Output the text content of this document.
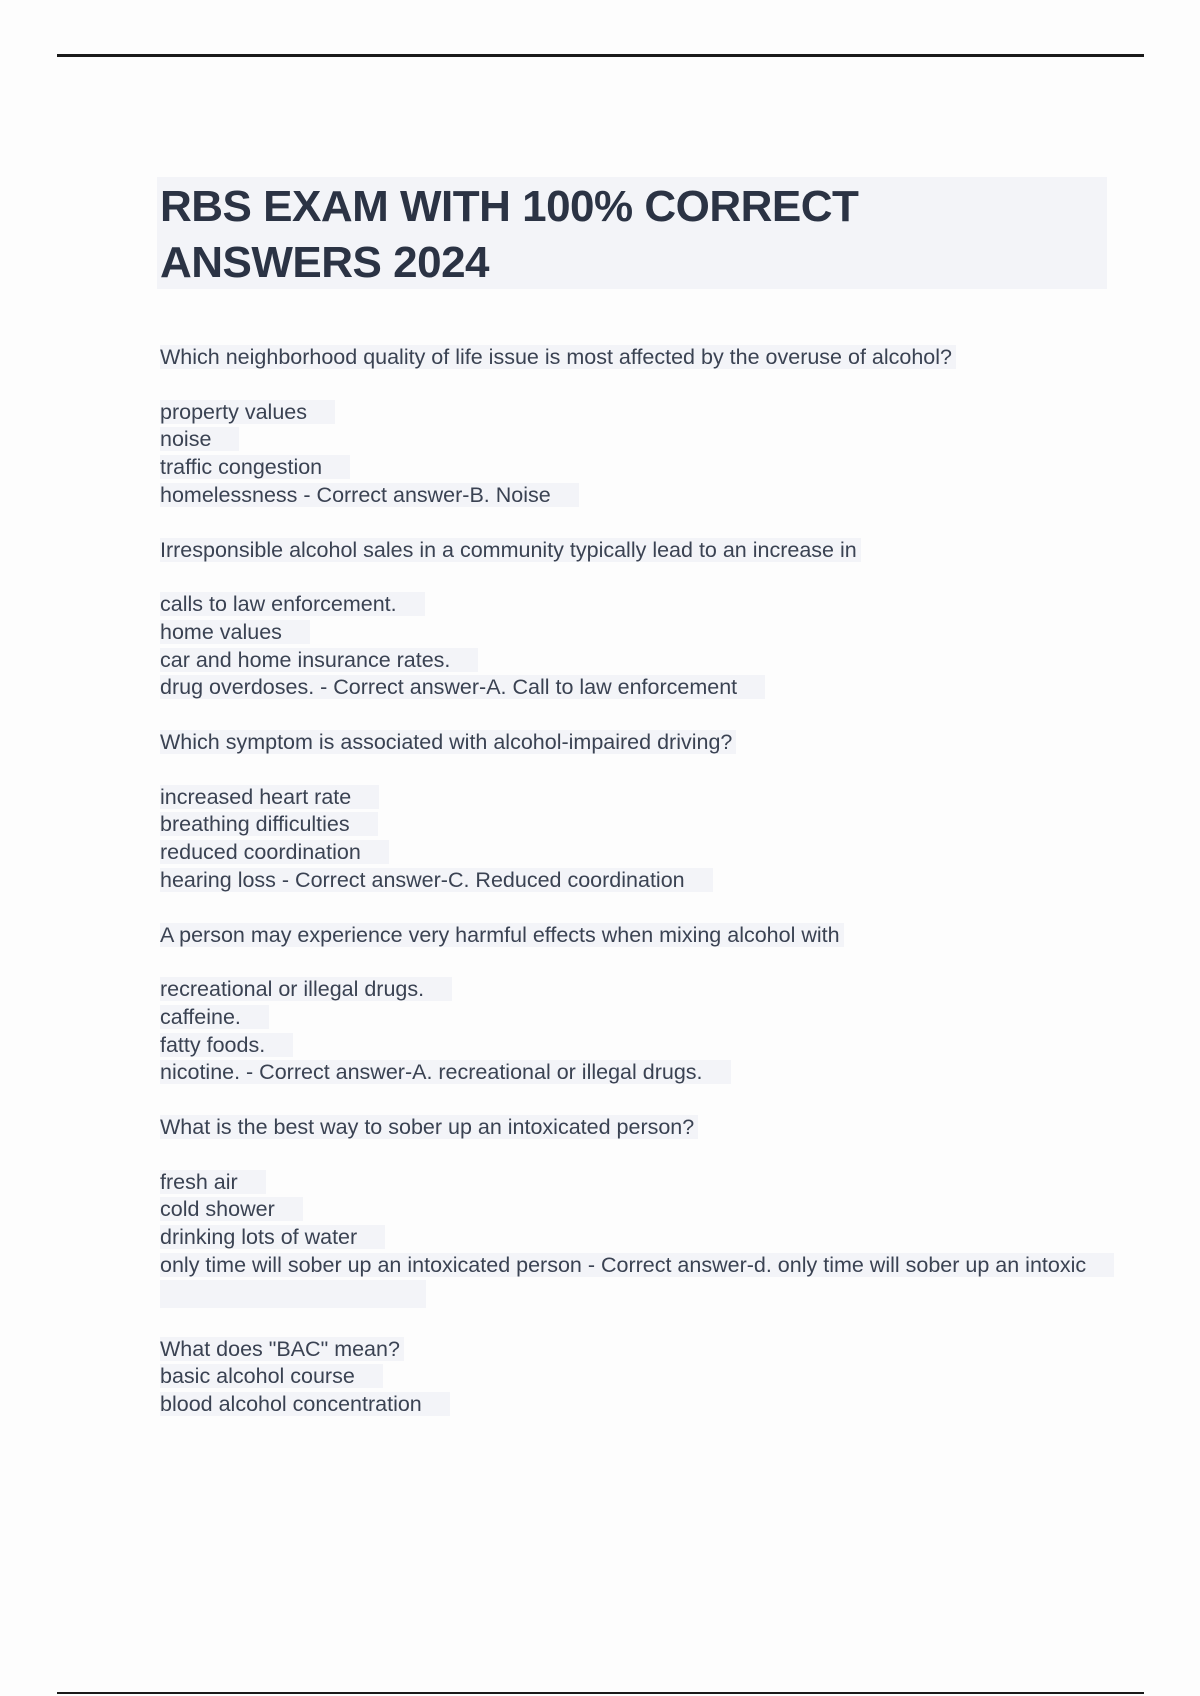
RBS EXAM WITH 100% CORRECT
ANSWERS 2024
Which neighborhood quality of life issue is most affected by the overuse of alcohol?
property values
noise
traffic congestion
homelessness - Correct answer-B. Noise
Irresponsible alcohol sales in a community typically lead to an increase in
calls to law enforcement.
home values
car and home insurance rates.
drug overdoses. - Correct answer-A. Call to law enforcement
Which symptom is associated with alcohol-impaired driving?
increased heart rate
breathing difficulties
reduced coordination
hearing loss - Correct answer-C. Reduced coordination
A person may experience very harmful effects when mixing alcohol with
recreational or illegal drugs.
caffeine.
fatty foods.
nicotine. - Correct answer-A. recreational or illegal drugs.
What is the best way to sober up an intoxicated person?
fresh air
cold shower
drinking lots of water
only time will sober up an intoxicated person - Correct answer-d. only time will sober up an intoxic
What does "BAC" mean?
basic alcohol course
blood alcohol concentration
